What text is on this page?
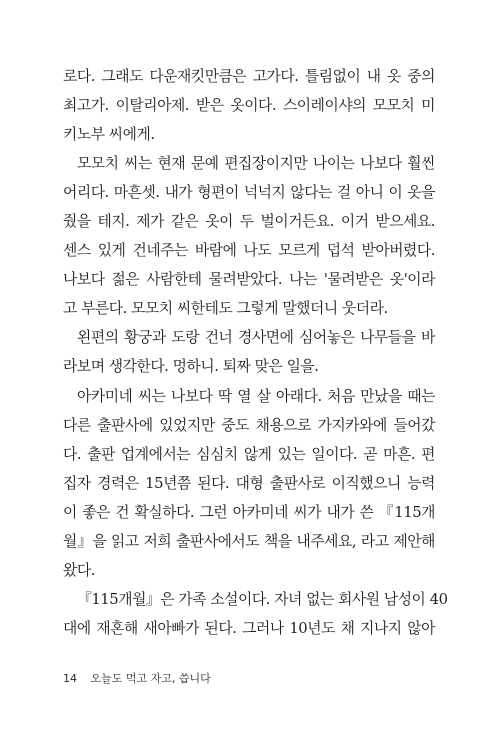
로다. 그래도 다운재킷만큼은 고가다. 틀림없이 내 옷 중의
최고가. 이탈리아제. 받은 옷이다. 스이레이샤의 모모치 미
키노부 씨에게.
모모치 씨는 현재 문예 편집장이지만 나이는 나보다 훨씬
어리다. 마흔셋. 내가 형편이 넉넉지 않다는 걸 아니 이 옷을
줬을 테지. 제가 같은 옷이 두 벌이거든요. 이거 받으세요.
센스 있게 건네주는 바람에 나도 모르게 덥석 받아버렸다.
나보다 젊은 사람한테 물려받았다. 나는 '물려받은 옷'이라
고 부른다. 모모치 씨한테도 그렇게 말했더니 웃더라.
왼편의 황궁과 도랑 건너 경사면에 심어놓은 나무들을 바
라보며 생각한다. 멍하니. 퇴짜 맞은 일을.
아카미네 씨는 나보다 딱 열 살 아래다. 처음 만났을 때는
다른 출판사에 있었지만 중도 채용으로 가지카와에 들어갔
다. 출판 업계에서는 심심치 않게 있는 일이다. 곧 마흔. 편
집자 경력은 15년쯤 된다. 대형 출판사로 이직했으니 능력
이 좋은 건 확실하다. 그런 아카미네 씨가 내가 쓴 『115개
월』을 읽고 저희 출판사에서도 책을 내주세요, 라고 제안해
왔다.
『115개월』은 가족 소설이다. 자녀 없는 회사원 남성이 40
대에 재혼해 새아빠가 된다. 그러나 10년도 채 지나지 않아
14 오늘도 먹고 자고, 씁니다
